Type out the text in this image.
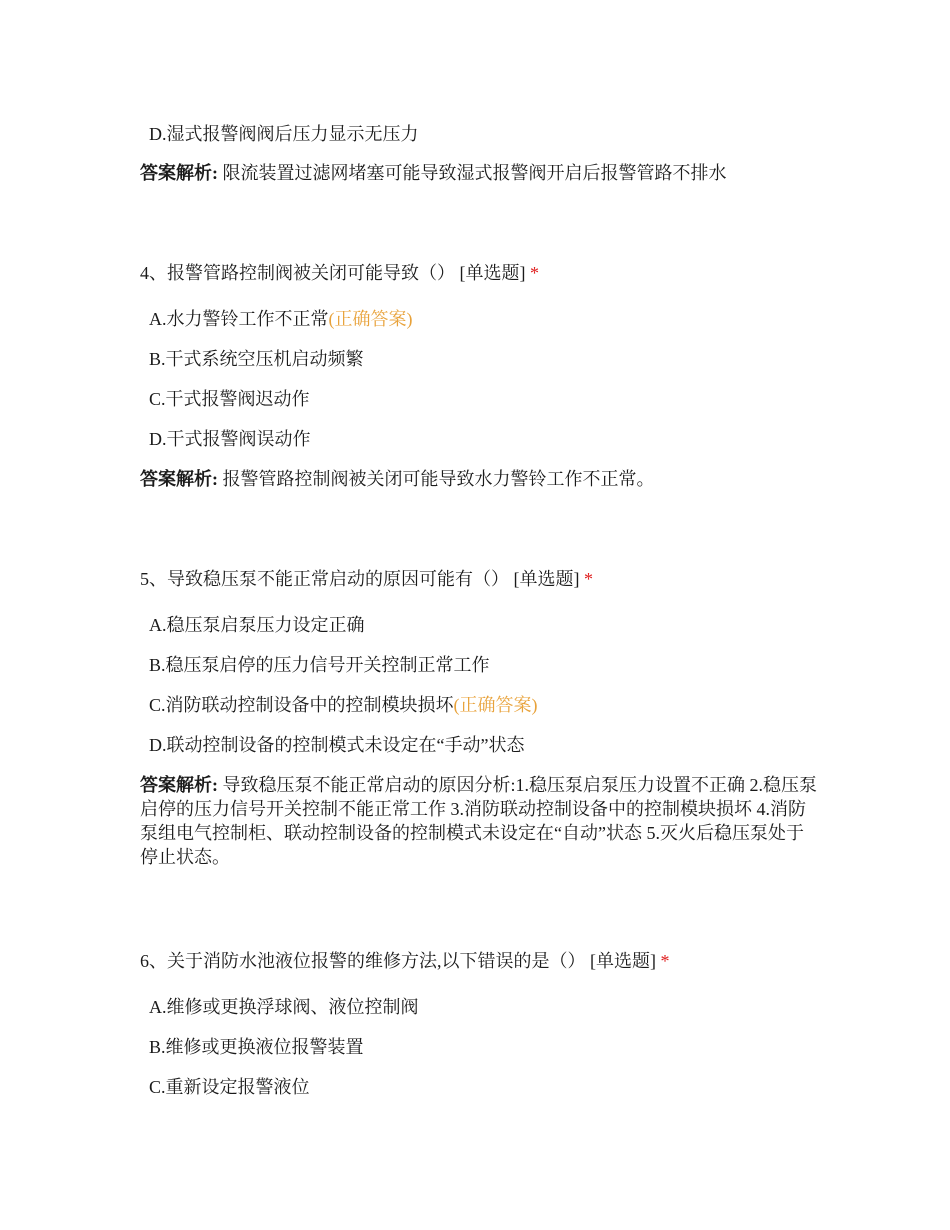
D.湿式报警阀阀后压力显示无压力
答案解析: 限流装置过滤网堵塞可能导致湿式报警阀开启后报警管路不排水
4、报警管路控制阀被关闭可能导致（） [单选题] *
A.水力警铃工作不正常(正确答案)
B.干式系统空压机启动频繁
C.干式报警阀迟动作
D.干式报警阀误动作
答案解析: 报警管路控制阀被关闭可能导致水力警铃工作不正常。
5、导致稳压泵不能正常启动的原因可能有（） [单选题] *
A.稳压泵启泵压力设定正确
B.稳压泵启停的压力信号开关控制正常工作
C.消防联动控制设备中的控制模块损坏(正确答案)
D.联动控制设备的控制模式未设定在“手动”状态
答案解析: 导致稳压泵不能正常启动的原因分析:1.稳压泵启泵压力设置不正确 2.稳压泵启停的压力信号开关控制不能正常工作 3.消防联动控制设备中的控制模块损坏 4.消防泵组电气控制柜、联动控制设备的控制模式未设定在“自动”状态 5.灭火后稳压泵处于停止状态。
6、关于消防水池液位报警的维修方法,以下错误的是（） [单选题] *
A.维修或更换浮球阀、液位控制阀
B.维修或更换液位报警装置
C.重新设定报警液位
